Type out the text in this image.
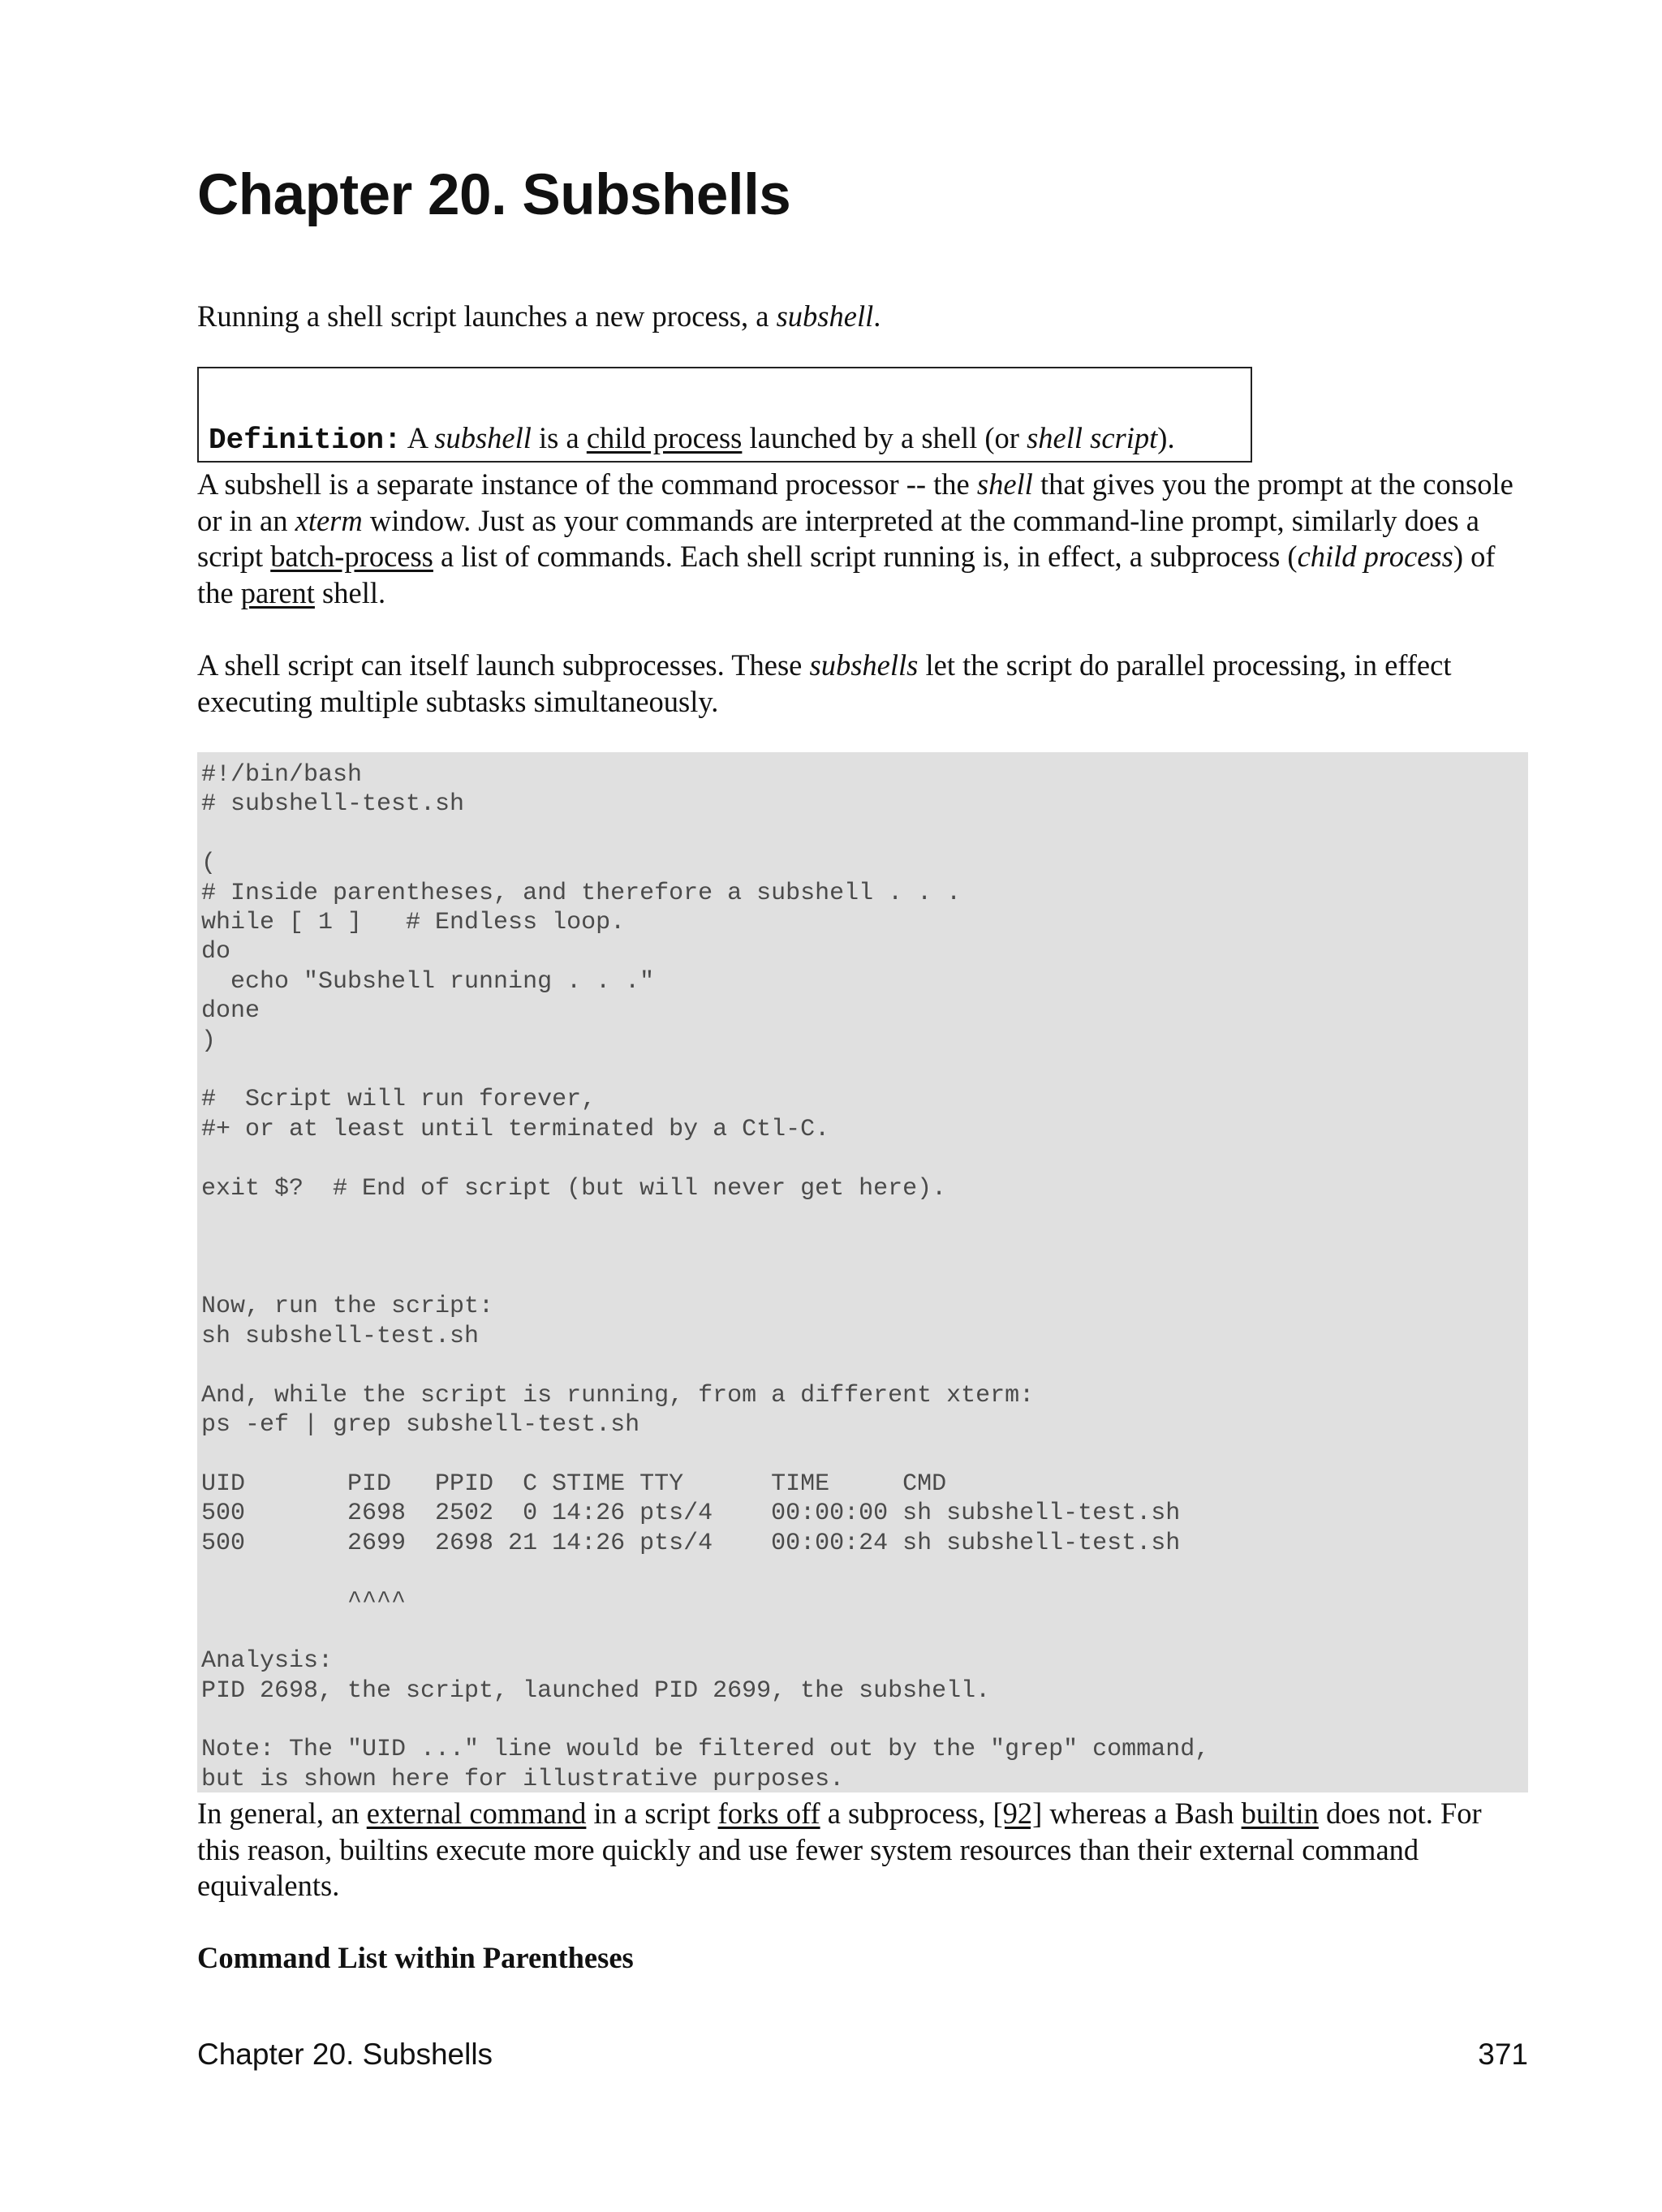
Chapter 20. Subshells

Running a shell script launches a new process, a subshell.

Definition: A subshell is a child process launched by a shell (or shell script).

A subshell is a separate instance of the command processor -- the shell that gives you the prompt at the console or in an xterm window. Just as your commands are interpreted at the command-line prompt, similarly does a script batch-process a list of commands. Each shell script running is, in effect, a subprocess (child process) of the parent shell.

A shell script can itself launch subprocesses. These subshells let the script do parallel processing, in effect executing multiple subtasks simultaneously.

#!/bin/bash
# subshell-test.sh

(
# Inside parentheses, and therefore a subshell . . .
while [ 1 ]   # Endless loop.
do
echo "Subshell running . . ."
done
)

#  Script will run forever,
#+ or at least until terminated by a Ctl-C.

exit $?  # End of script (but will never get here).

Now, run the script:
sh subshell-test.sh

And, while the script is running, from a different xterm:
ps -ef | grep subshell-test.sh

UID       PID   PPID  C STIME TTY      TIME     CMD
500       2698  2502  0 14:26 pts/4    00:00:00 sh subshell-test.sh
500       2699  2698 21 14:26 pts/4    00:00:24 sh subshell-test.sh

^^^^

Analysis:
PID 2698, the script, launched PID 2699, the subshell.

Note: The "UID ..." line would be filtered out by the "grep" command,
but is shown here for illustrative purposes.

In general, an external command in a script forks off a subprocess, [92] whereas a Bash builtin does not. For this reason, builtins execute more quickly and use fewer system resources than their external command equivalents.

Command List within Parentheses
Chapter 20. Subshells	371
